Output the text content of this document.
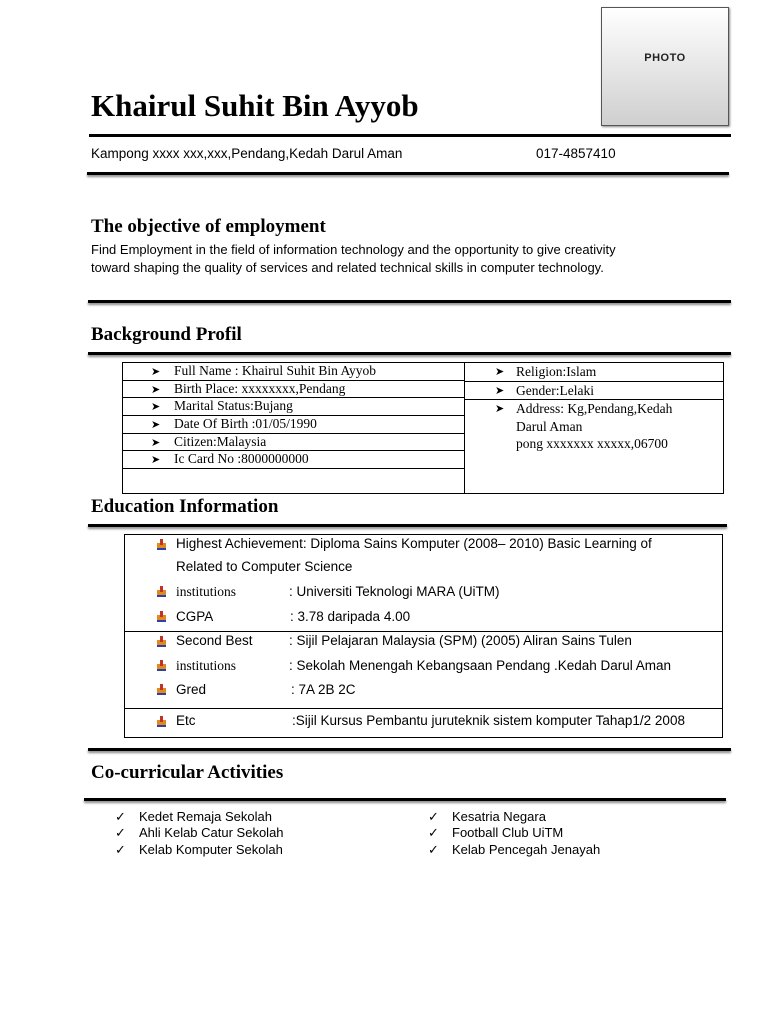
PHOTO
Khairul Suhit Bin Ayyob
Kampong xxxx xxx,xxx,Pendang,Kedah Darul Aman	017-4857410
The objective of employment
Find Employment in the field of information technology and the opportunity to give creativity
toward shaping the quality of services and related technical skills in computer technology.
Background Profil
➤ Full Name : Khairul Suhit Bin Ayyob
➤ Birth Place: xxxxxxxx,Pendang
➤ Marital Status:Bujang
➤ Date Of Birth :01/05/1990
➤ Citizen:Malaysia
➤ Ic Card No :8000000000
➤ Religion:Islam
➤ Gender:Lelaki
➤ Address: Kg,Pendang,Kedah
Darul Aman
pong xxxxxxx xxxxx,06700
Education Information
Highest Achievement: Diploma Sains Komputer (2008– 2010) Basic Learning of
Related to Computer Science
institutions	: Universiti Teknologi MARA (UiTM)
CGPA	: 3.78 daripada 4.00
Second Best	: Sijil Pelajaran Malaysia (SPM) (2005) Aliran Sains Tulen
institutions	: Sekolah Menengah Kebangsaan Pendang .Kedah Darul Aman
Gred	: 7A 2B 2C
Etc	:Sijil Kursus Pembantu juruteknik sistem komputer Tahap1/2 2008
Co-curricular Activities
✓ Kedet Remaja Sekolah
✓ Ahli Kelab Catur Sekolah
✓ Kelab Komputer Sekolah
✓ Kesatria Negara
✓ Football Club UiTM
✓ Kelab Pencegah Jenayah
